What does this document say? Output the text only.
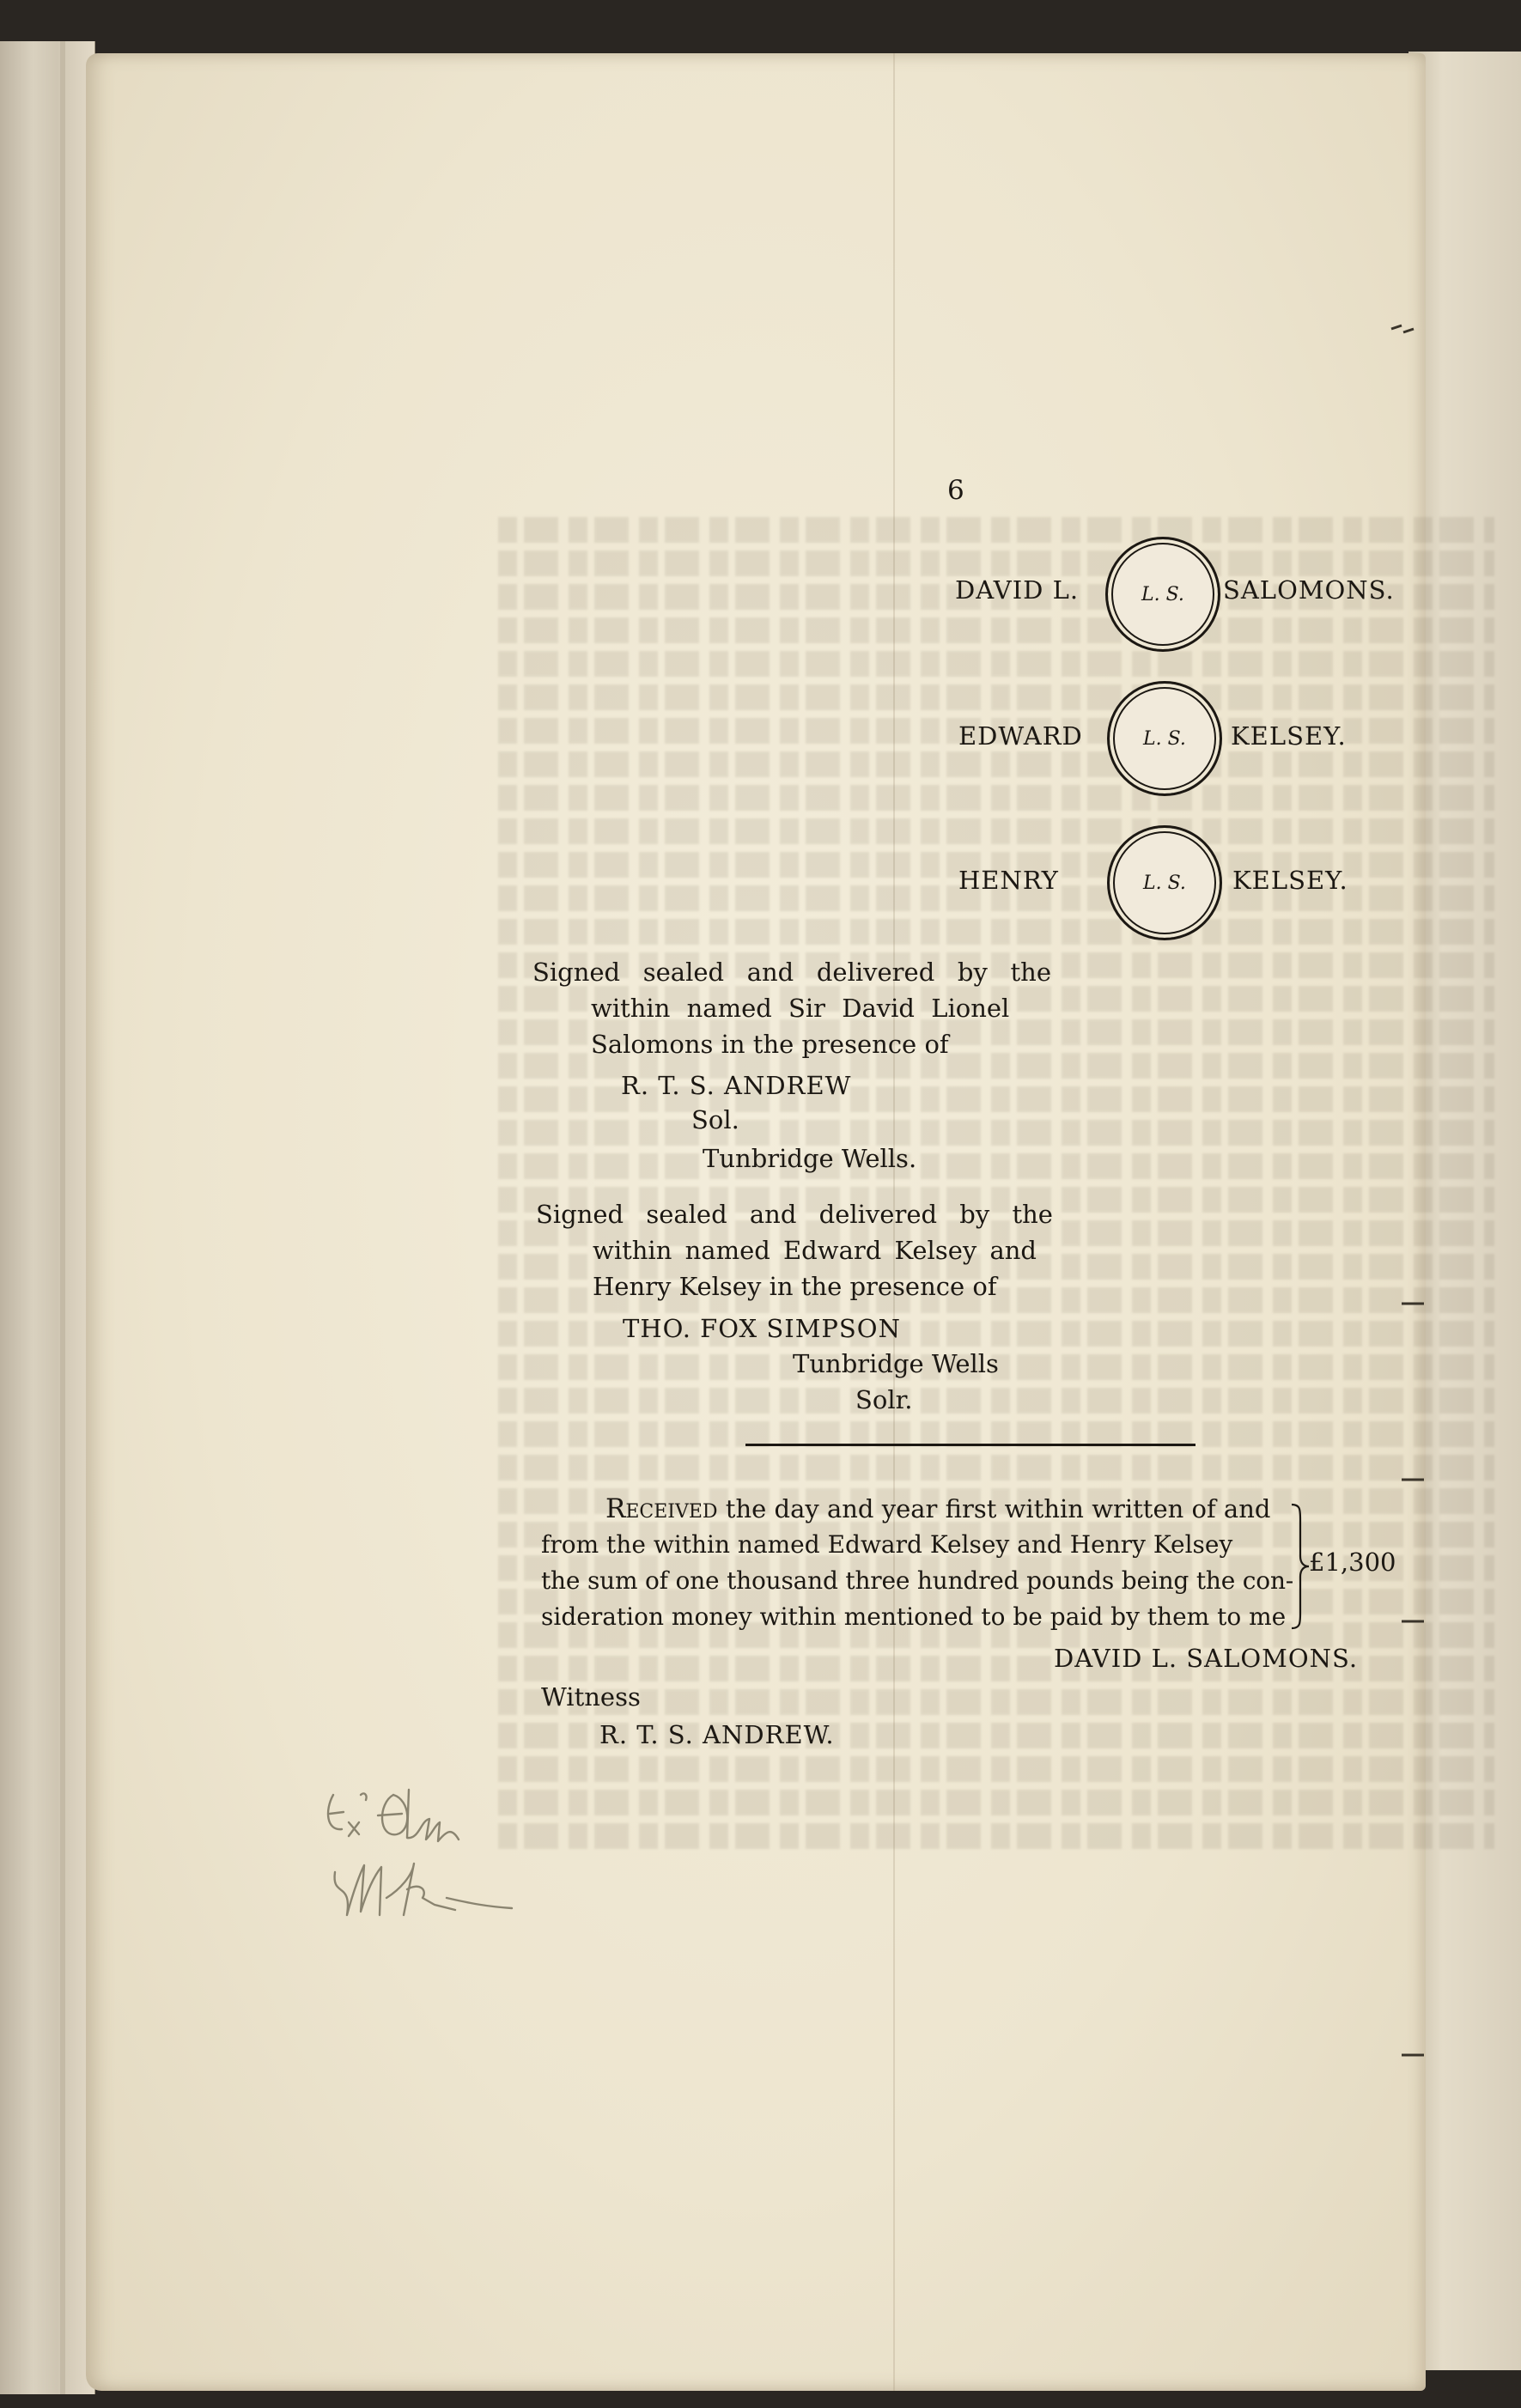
6
DAVID L.	L. S. SALOMONS.
EDWARD	L. S. KELSEY.
HENRY	L. S. KELSEY.
Signed sealed and delivered by the
within named Sir David Lionel
Salomons in the presence of
R. T. S. ANDREW
Sol.
Tunbridge Wells.
Signed sealed and delivered by the
within named Edward Kelsey and
Henry Kelsey in the presence of
THO. FOX SIMPSON
Tunbridge Wells
Solr.
Received the day and year first within written of and
from the within named Edward Kelsey and Henry Kelsey
the sum of one thousand three hundred pounds being the con-
sideration money within mentioned to be paid by them to me
£1,300
DAVID L. SALOMONS.
Witness
R. T. S. ANDREW.
